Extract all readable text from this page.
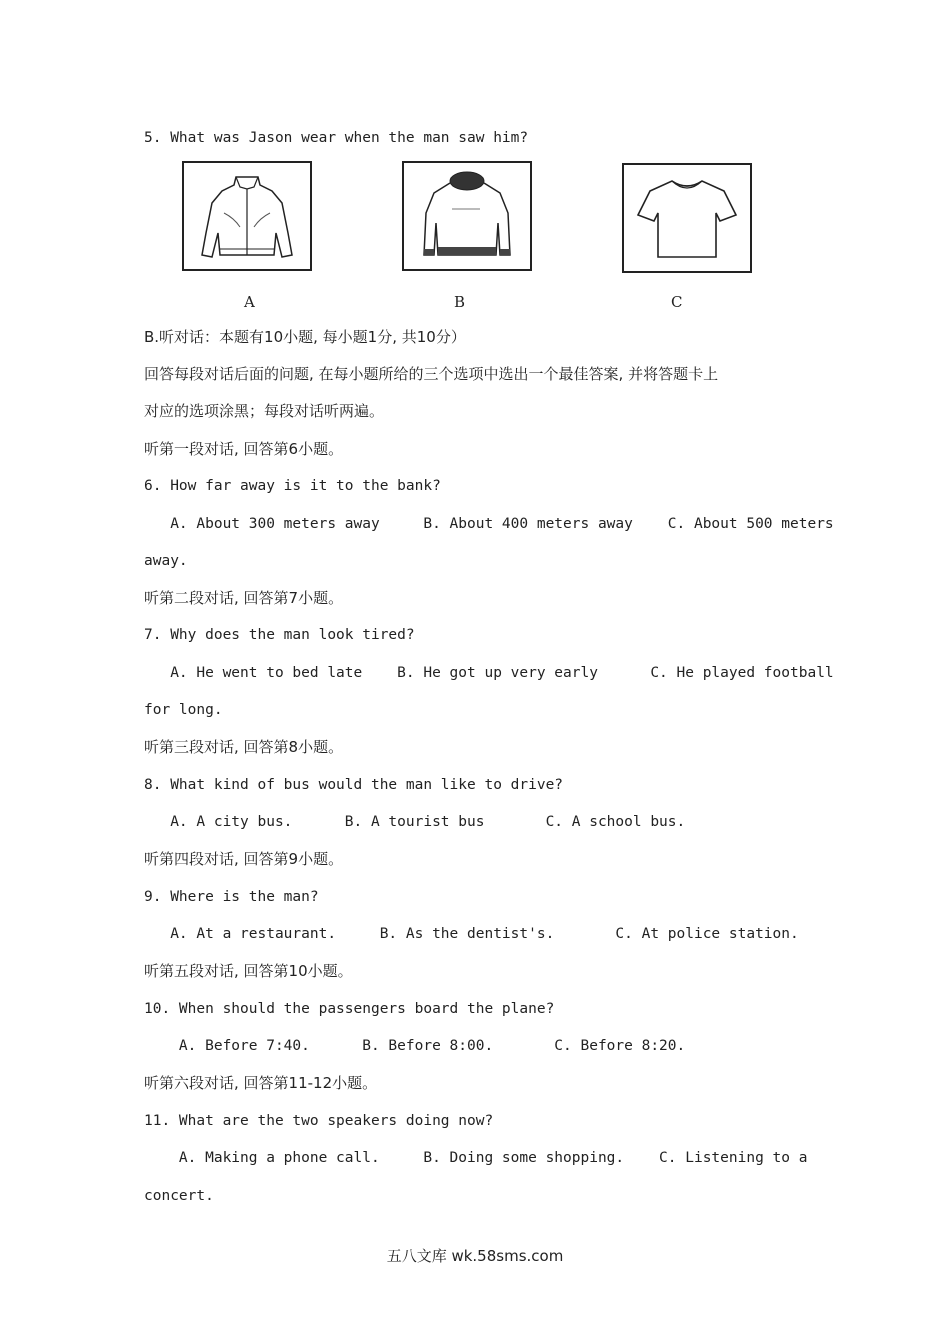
5. What was Jason wear when the man saw him?
A	B	C
B.听对话：本题有10小题, 每小题1分, 共10分）
回答每段对话后面的问题, 在每小题所给的三个选项中选出一个最佳答案, 并将答题卡上
对应的选项涂黑；每段对话听两遍。
听第一段对话, 回答第6小题。
6. How far away is it to the bank?
A. About 300 meters away     B. About 400 meters away    C. About 500 meters
away.
听第二段对话, 回答第7小题。
7. Why does the man look tired?
A. He went to bed late    B. He got up very early      C. He played football
for long.
听第三段对话, 回答第8小题。
8. What kind of bus would the man like to drive?
A. A city bus.      B. A tourist bus       C. A school bus.
听第四段对话, 回答第9小题。
9. Where is the man?
A. At a restaurant.     B. As the dentist's.       C. At police station.
听第五段对话, 回答第10小题。
10. When should the passengers board the plane?
A. Before 7:40.      B. Before 8:00.       C. Before 8:20.
听第六段对话, 回答第11-12小题。
11. What are the two speakers doing now?
A. Making a phone call.     B. Doing some shopping.    C. Listening to a
concert.
五八文库 wk.58sms.com
